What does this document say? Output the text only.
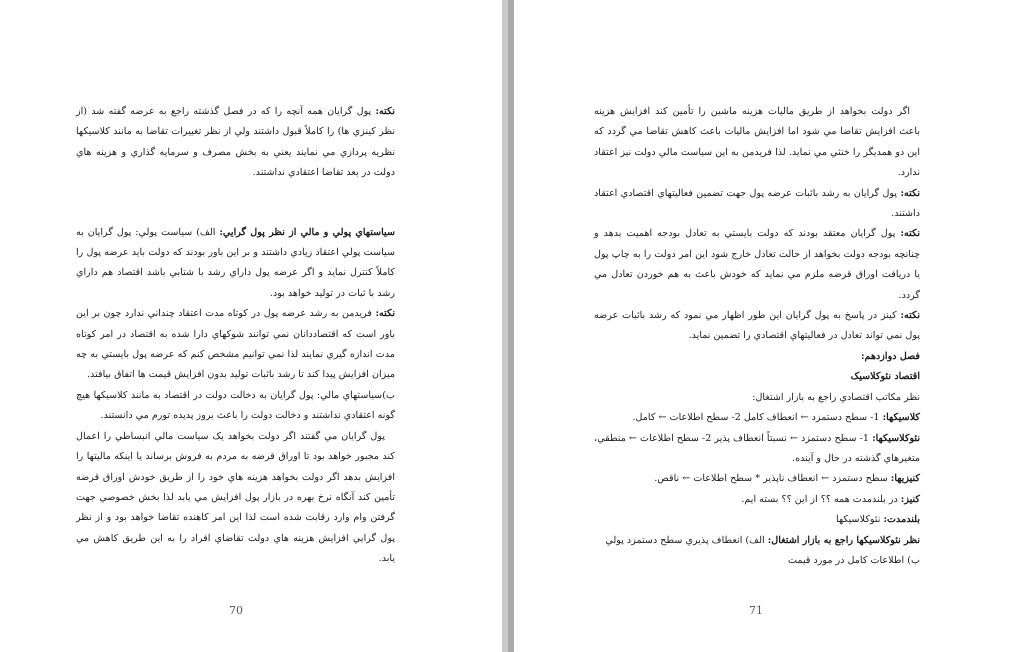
نکته: پول گرايان همه آنچه را که در فصل گذشته راجع به عرضه گفته شد (از نظر کينزي ها) را کاملاً قبول داشتند ولي از نظر تغييرات تقاضا به مانند کلاسيکها نظريه پردازي مي نمايند يعني به بخش مصرف و سرمايه گذاري و هزينه هاي دولت در بعد تقاضا اعتقادي نداشتند.

سياستهاي پولي و مالي از نظر پول گرايي: الف) سياست پولي: پول گرايان به سياست پولي اعتقاد زيادي داشتند و بر اين باور بودند که دولت بايد عرضه پول را کاملاً کنترل نمايد و اگر عرضه پول داراي رشد با شتابي باشد اقتصاد هم داراي رشد با ثبات در توليد خواهد بود.

نکته: فريدمن به رشد عرضه پول در کوتاه مدت اعتقاد چنداني ندارد چون بر اين باور است که اقتصاددانان نمي توانند شوکهاي دارا شده به اقتصاد در امر کوتاه مدت اندازه گيري نمايند لذا نمي توانيم مشخص کنم که عرضه پول بايستي به چه ميزان افزايش پيدا کند تا رشد باثبات توليد بدون افزايش قيمت ها اتفاق بيافتد.

ب)سياستهاي مالي: پول گرايان به دخالت دولت در اقتصاد به مانند کلاسيکها هيچ گونه اعتقادي نداشتند و دخالت دولت را باعث بروز پديده تورم مي دانستند.

پول گرايان مي گفتند اگر دولت بخواهد يک سياست مالي انبساطي را اعمال کند مجبور خواهد بود تا اوراق قرضه به مردم به فروش برساند يا اينکه ماليتها را افزايش بدهد اگر دولت بخواهد هزينه هاي خود را از طريق خودش اوراق قرضه تأمين کند آنگاه نرخ بهره در بازار پول افزايش مي يابد لذا بخش خصوصي جهت گرفتن وام وارد رقابت شده است لذا اين امر کاهنده تقاضا خواهد بود و از نظر پول گرايي افزايش هزينه هاي دولت تقاضاي افراد را به اين طريق کاهش مي يابد.

70

اگر دولت بخواهد از طريق ماليات هزينه ماشين را تأمين کند افزايش هزينه باعث افزايش تقاضا مي شود اما افزايش ماليات باعث کاهش تقاضا مي گردد که اين دو همديگر را خنثي مي نمايد. لذا فريدمن به اين سياست مالي دولت نيز اعتقاد ندارد.

نکته: پول گرايان به رشد باثبات عرضه پول جهت تضمين فعاليتهاي اقتصادي اعتقاد داشتند.

نکته: پول گرايان معتقد بودند که دولت بايستي به تعادل بودجه اهميت بدهد و چنانچه بودجه دولت بخواهد از حالت تعادل خارج شود اين امر دولت را به چاپ پول يا دريافت اوراق قرضه ملزم مي نمايد که خودش باعث به هم خوردن تعادل مي گردد.

نکته: کينز در پاسخ به پول گرايان اين طور اظهار مي نمود که رشد باثبات عرضه پول نمي تواند تعادل در فعاليتهاي اقتصادي را تضمين نمايد.

فصل دوازدهم:

اقتصاد نئوکلاسيک

نظر مکاتب اقتصادي راجع به بازار اشتغال:

کلاسيکها: 1- سطح دستمزد ← انعطاف کامل 2- سطح اطلاعات ← کامل.

نئوکلاسيکها: 1- سطح دستمزد ← نسبتاً انعطاف پذير 2- سطح اطلاعات ← منطقي، متغيرهاي گذشته در حال و آينده.

کنيزيها: سطح دستمزد ← انعطاف ناپذير * سطح اطلاعات ← ناقص.

کنيز: در بلندمدت همه ؟؟ از اين ؟؟ بسته ايم.

بلندمدت: نئوکلاسيکها

نظر نئوکلاسيکها راجع به بازار اشتغال: الف) انعطاف پذيري سطح دستمزد پولي

ب) اطلاعات کامل در مورد قيمت

71
